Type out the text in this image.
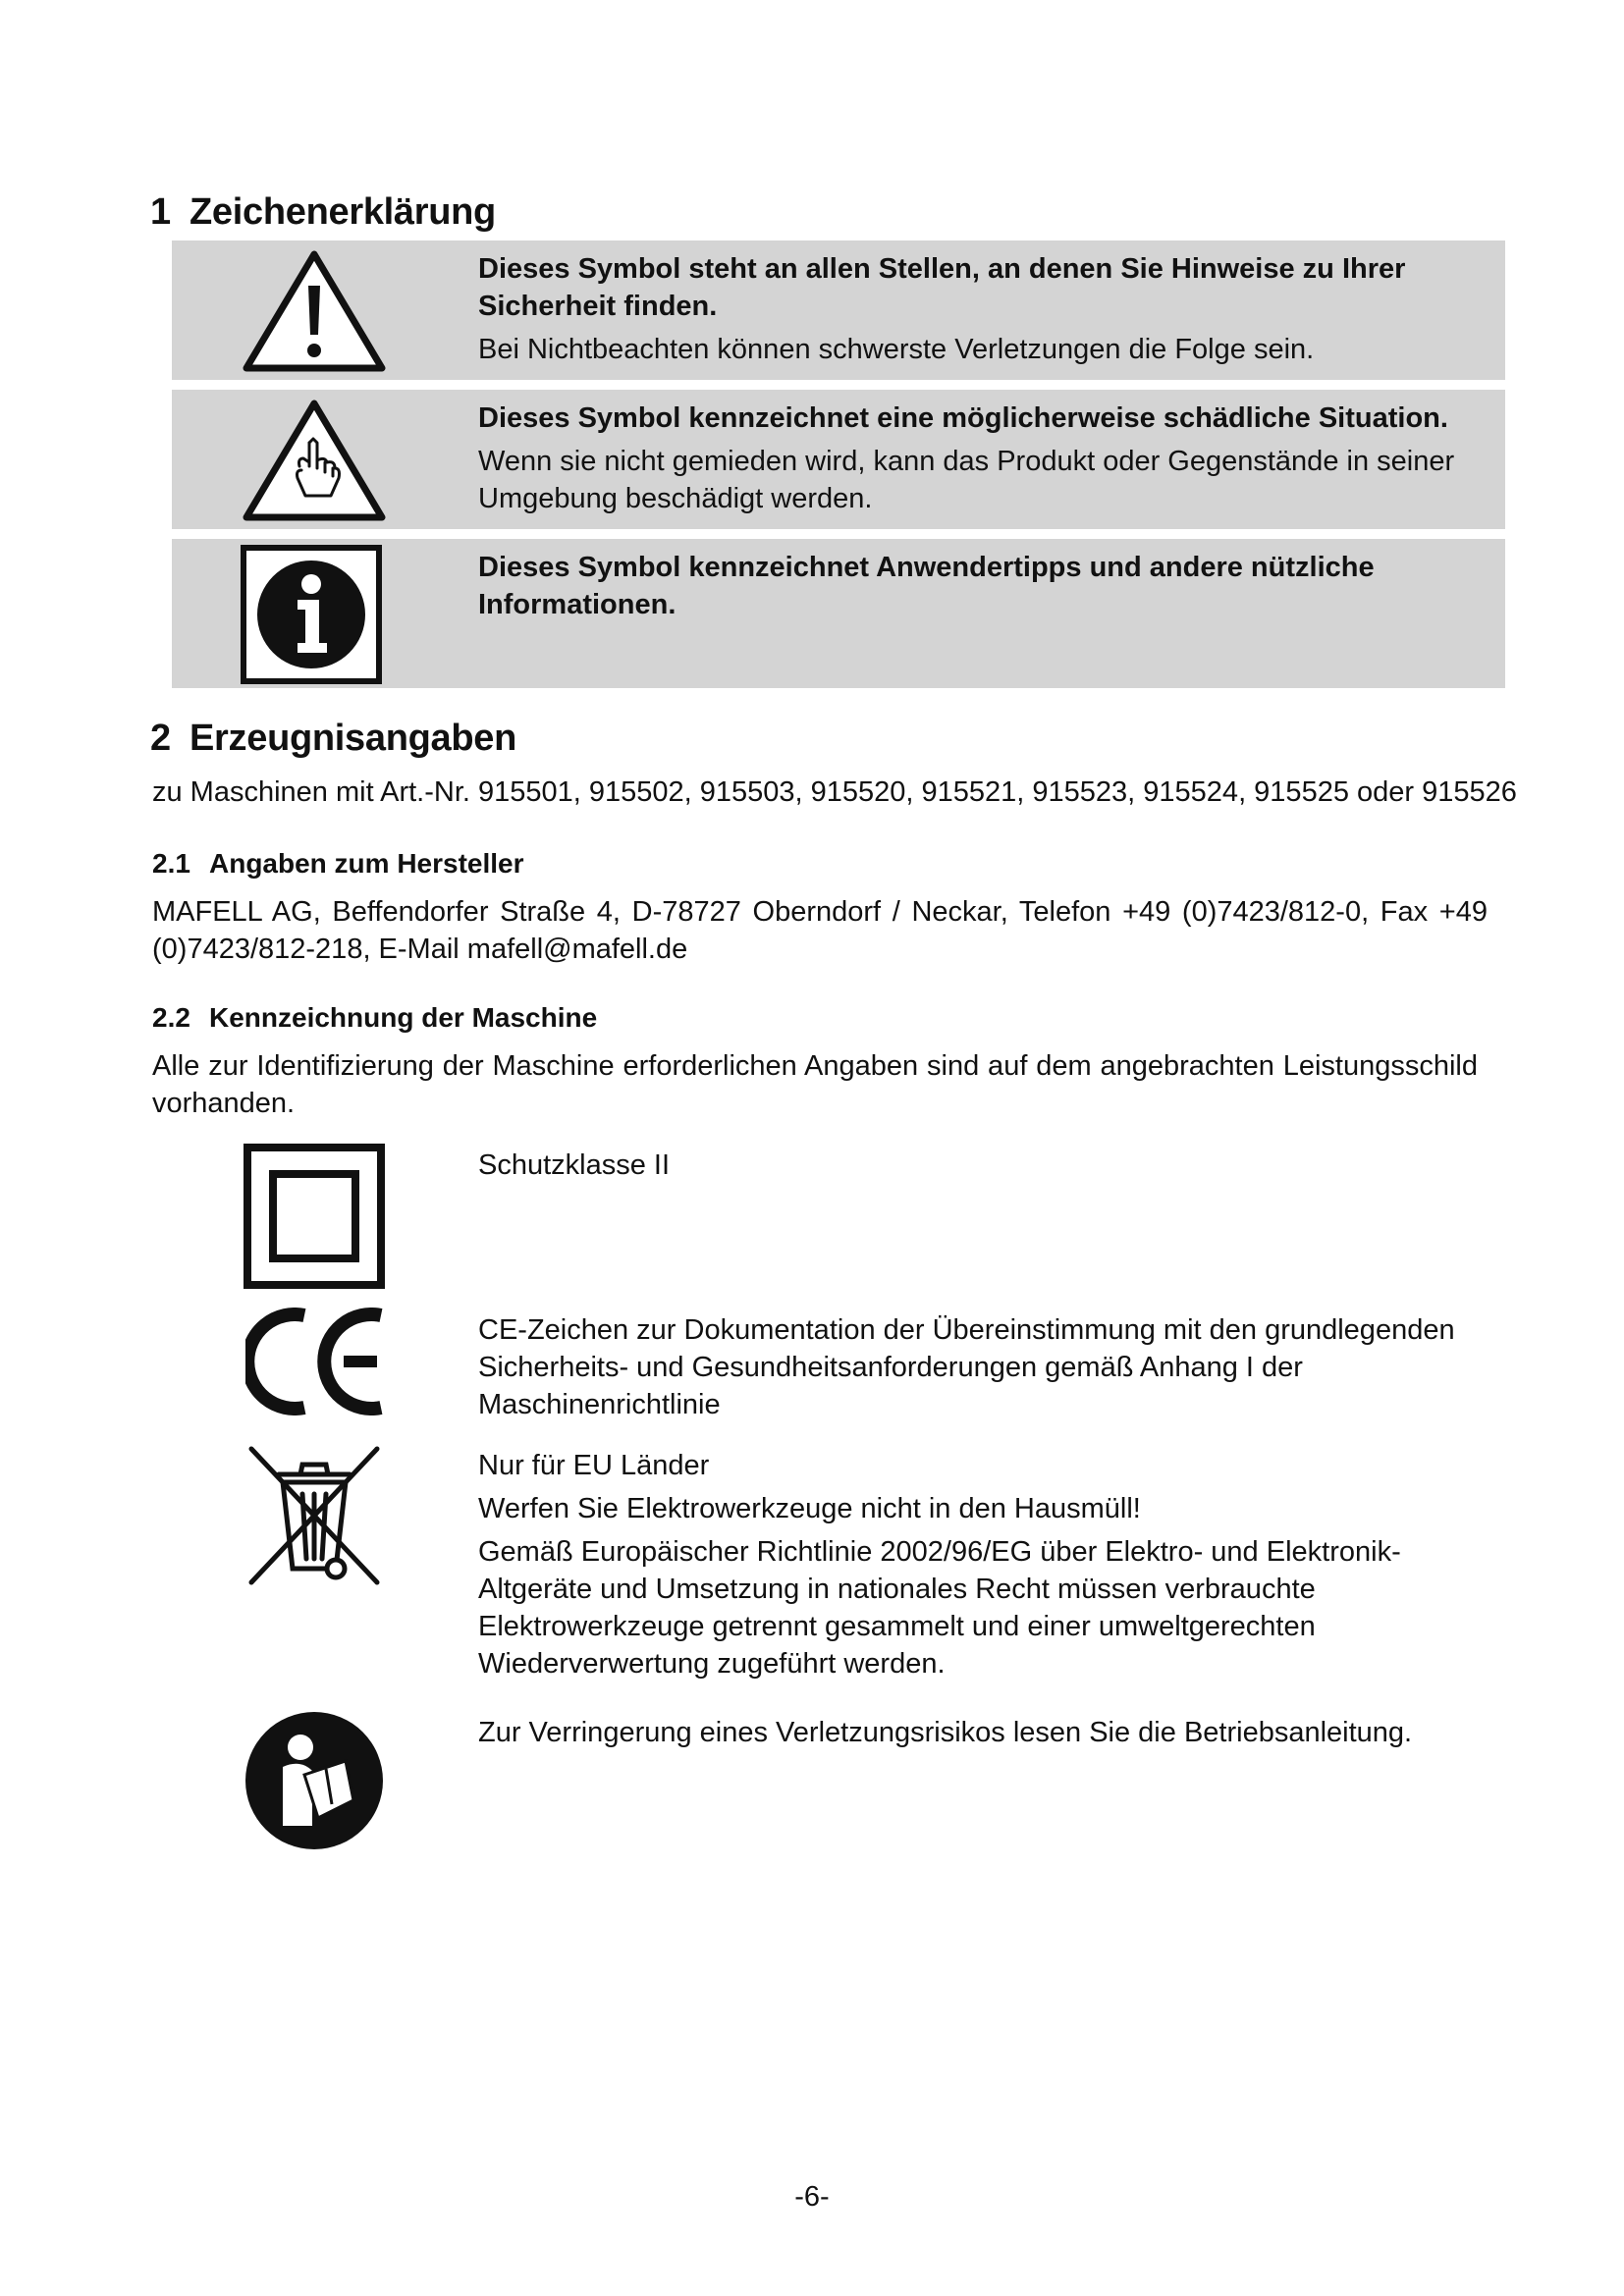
1 Zeichenerklärung
Dieses Symbol steht an allen Stellen, an denen Sie Hinweise zu Ihrer Sicherheit finden.
Bei Nichtbeachten können schwerste Verletzungen die Folge sein.
Dieses Symbol kennzeichnet eine möglicherweise schädliche Situation.
Wenn sie nicht gemieden wird, kann das Produkt oder Gegenstände in seiner Umgebung beschädigt werden.
Dieses Symbol kennzeichnet Anwendertipps und andere nützliche Informationen.
2 Erzeugnisangaben
zu Maschinen mit Art.-Nr. 915501, 915502, 915503, 915520, 915521, 915523, 915524, 915525 oder 915526
2.1 Angaben zum Hersteller
MAFELL AG, Beffendorfer Straße 4, D-78727 Oberndorf / Neckar, Telefon +49 (0)7423/812-0, Fax +49 (0)7423/812-218, E-Mail mafell@mafell.de
2.2 Kennzeichnung der Maschine
Alle zur Identifizierung der Maschine erforderlichen Angaben sind auf dem angebrachten Leistungsschild vorhanden.
Schutzklasse II
CE-Zeichen zur Dokumentation der Übereinstimmung mit den grundlegenden Sicherheits- und Gesundheitsanforderungen gemäß Anhang I der Maschinenrichtlinie
Nur für EU Länder
Werfen Sie Elektrowerkzeuge nicht in den Hausmüll!
Gemäß Europäischer Richtlinie 2002/96/EG über Elektro- und Elektronik- Altgeräte und Umsetzung in nationales Recht müssen verbrauchte Elektrowerkzeuge getrennt gesammelt und einer umweltgerechten Wiederverwertung zugeführt werden.
Zur Verringerung eines Verletzungsrisikos lesen Sie die Betriebsanleitung.
-6-
